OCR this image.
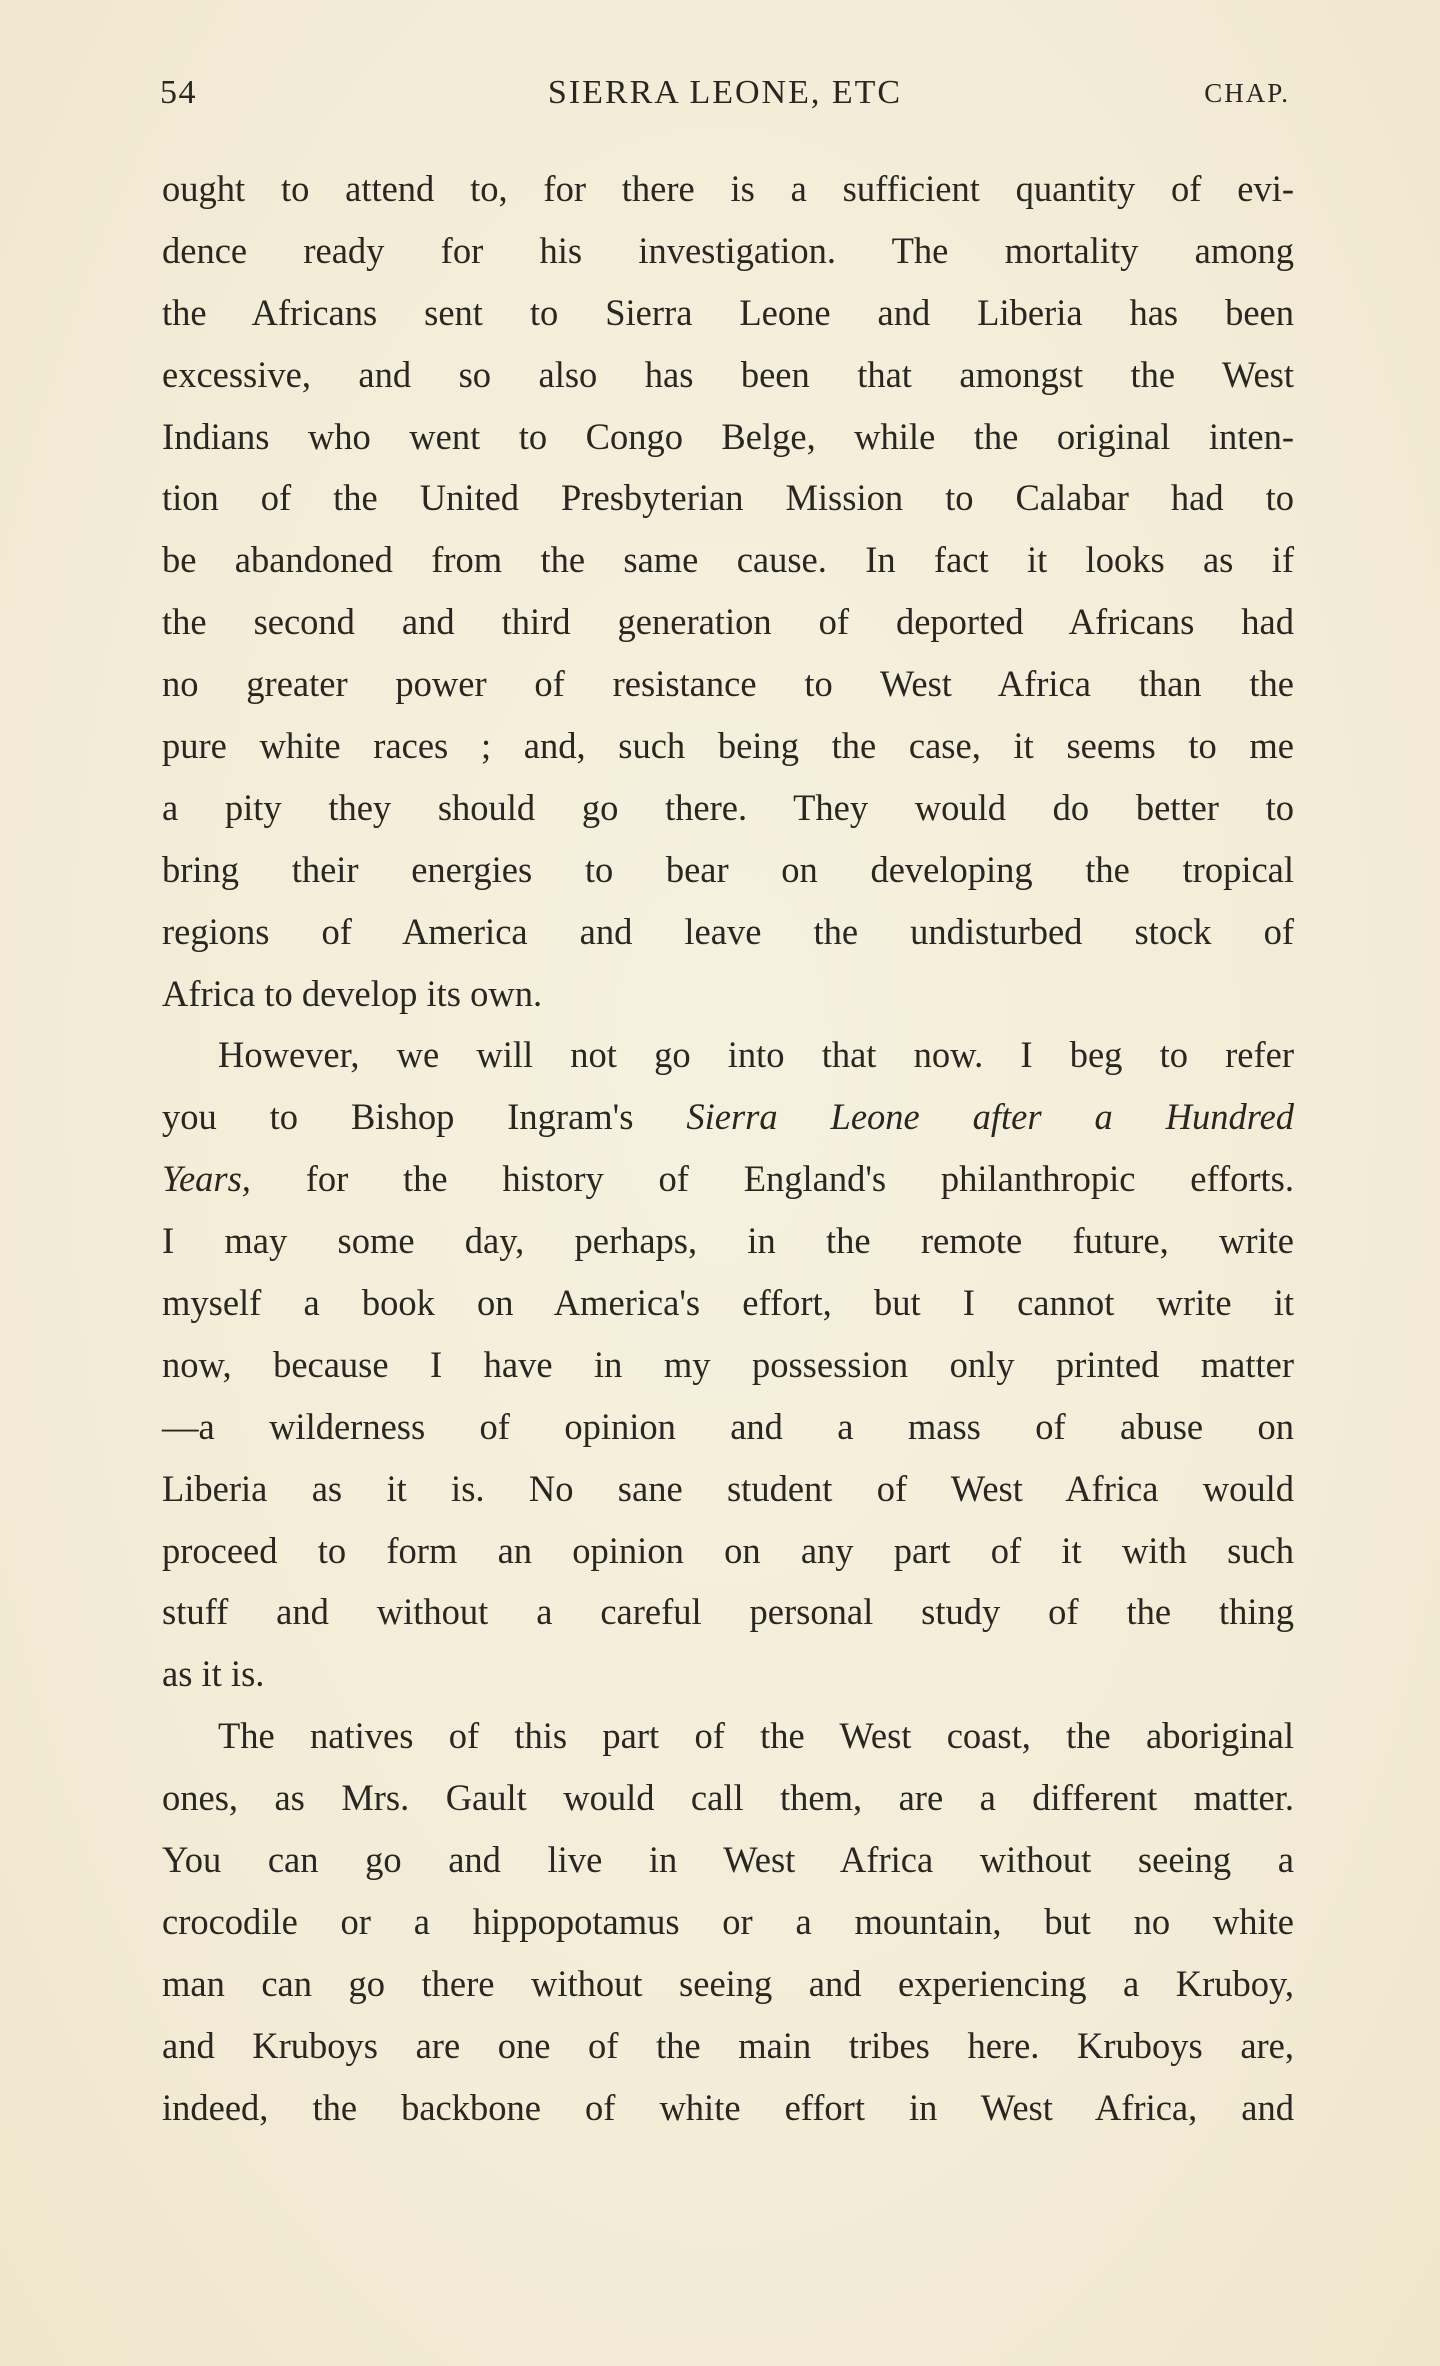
54	SIERRA LEONE, ETC	CHAP.
ought to attend to, for there is a sufficient quantity of evi-
dence ready for his investigation. The mortality among
the Africans sent to Sierra Leone and Liberia has been
excessive, and so also has been that amongst the West
Indians who went to Congo Belge, while the original inten-
tion of the United Presbyterian Mission to Calabar had to
be abandoned from the same cause. In fact it looks as if
the second and third generation of deported Africans had
no greater power of resistance to West Africa than the
pure white races ; and, such being the case, it seems to me
a pity they should go there. They would do better to
bring their energies to bear on developing the tropical
regions of America and leave the undisturbed stock of
Africa to develop its own.
However, we will not go into that now. I beg to refer
you to Bishop Ingram's Sierra Leone after a Hundred
Years, for the history of England's philanthropic efforts.
I may some day, perhaps, in the remote future, write
myself a book on America's effort, but I cannot write it
now, because I have in my possession only printed matter
—a wilderness of opinion and a mass of abuse on
Liberia as it is. No sane student of West Africa would
proceed to form an opinion on any part of it with such
stuff and without a careful personal study of the thing
as it is.
The natives of this part of the West coast, the aboriginal
ones, as Mrs. Gault would call them, are a different matter.
You can go and live in West Africa without seeing a
crocodile or a hippopotamus or a mountain, but no white
man can go there without seeing and experiencing a Kruboy,
and Kruboys are one of the main tribes here. Kruboys are,
indeed, the backbone of white effort in West Africa, and
